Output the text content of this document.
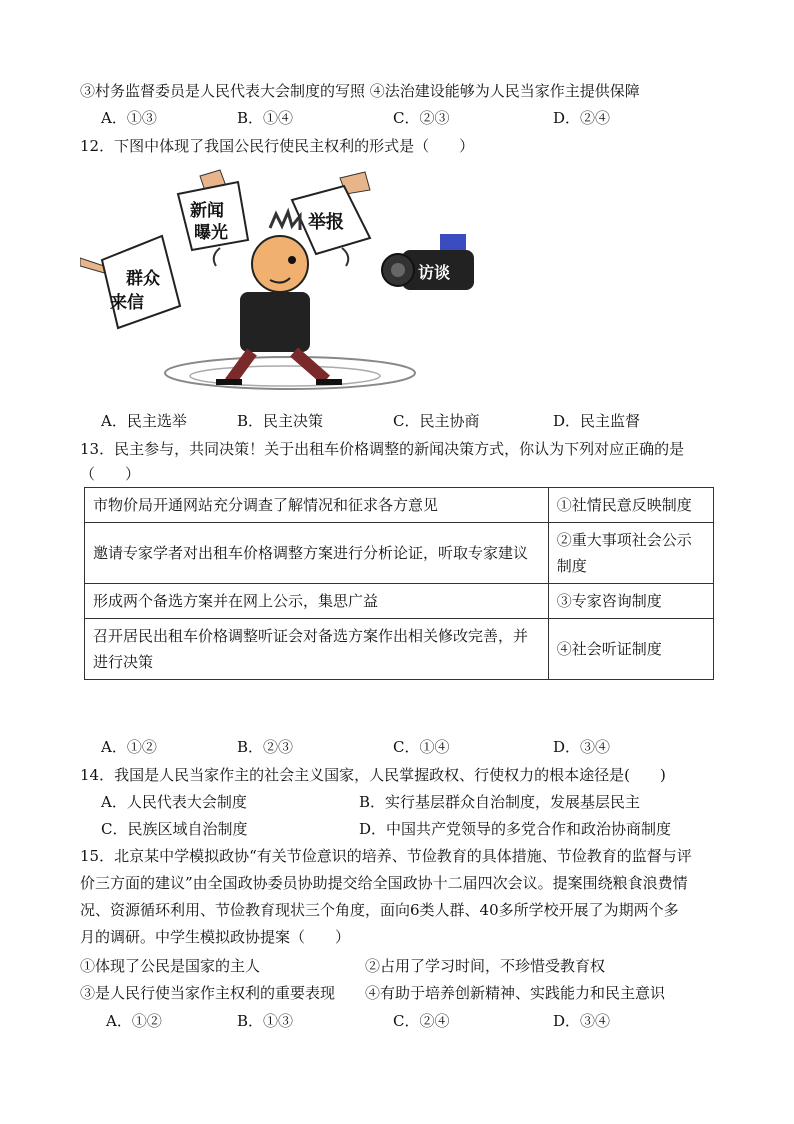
③村务监督委员是人民代表大会制度的写照 ④法治建设能够为人民当家作主提供保障
A．①③	B．①④	C．②③	D．②④
12．下图中体现了我国公民行使民主权利的形式是（　　）
群众
来信
新闻
曝光	举报
访谈
A．民主选举	B．民主决策	C．民主协商	D．民主监督
13．民主参与，共同决策！关于出租车价格调整的新闻决策方式，你认为下列对应正确的是
（　　）
市物价局开通网站充分调查了解情况和征求各方意见	①社情民意反映制度
邀请专家学者对出租车价格调整方案进行分析论证，听取专家建议	②重大事项社会公示制度
形成两个备选方案并在网上公示，集思广益	③专家咨询制度
召开居民出租车价格调整听证会对备选方案作出相关修改完善，并进行决策	④社会听证制度
A．①②	B．②③	C．①④	D．③④
14．我国是人民当家作主的社会主义国家，人民掌握政权、行使权力的根本途径是(　　)
A．人民代表大会制度	B．实行基层群众自治制度，发展基层民主
C．民族区域自治制度	D．中国共产党领导的多党合作和政治协商制度
15．北京某中学模拟政协“有关节俭意识的培养、节俭教育的具体措施、节俭教育的监督与评
价三方面的建议”由全国政协委员协助提交给全国政协十二届四次会议。提案围绕粮食浪费情
况、资源循环利用、节俭教育现状三个角度，面向6类人群、40多所学校开展了为期两个多
月的调研。中学生模拟政协提案（　　）
①体现了公民是国家的主人	②占用了学习时间，不珍惜受教育权
③是人民行使当家作主权利的重要表现 ④有助于培养创新精神、实践能力和民主意识
A．①②	B．①③	C．②④	D．③④
